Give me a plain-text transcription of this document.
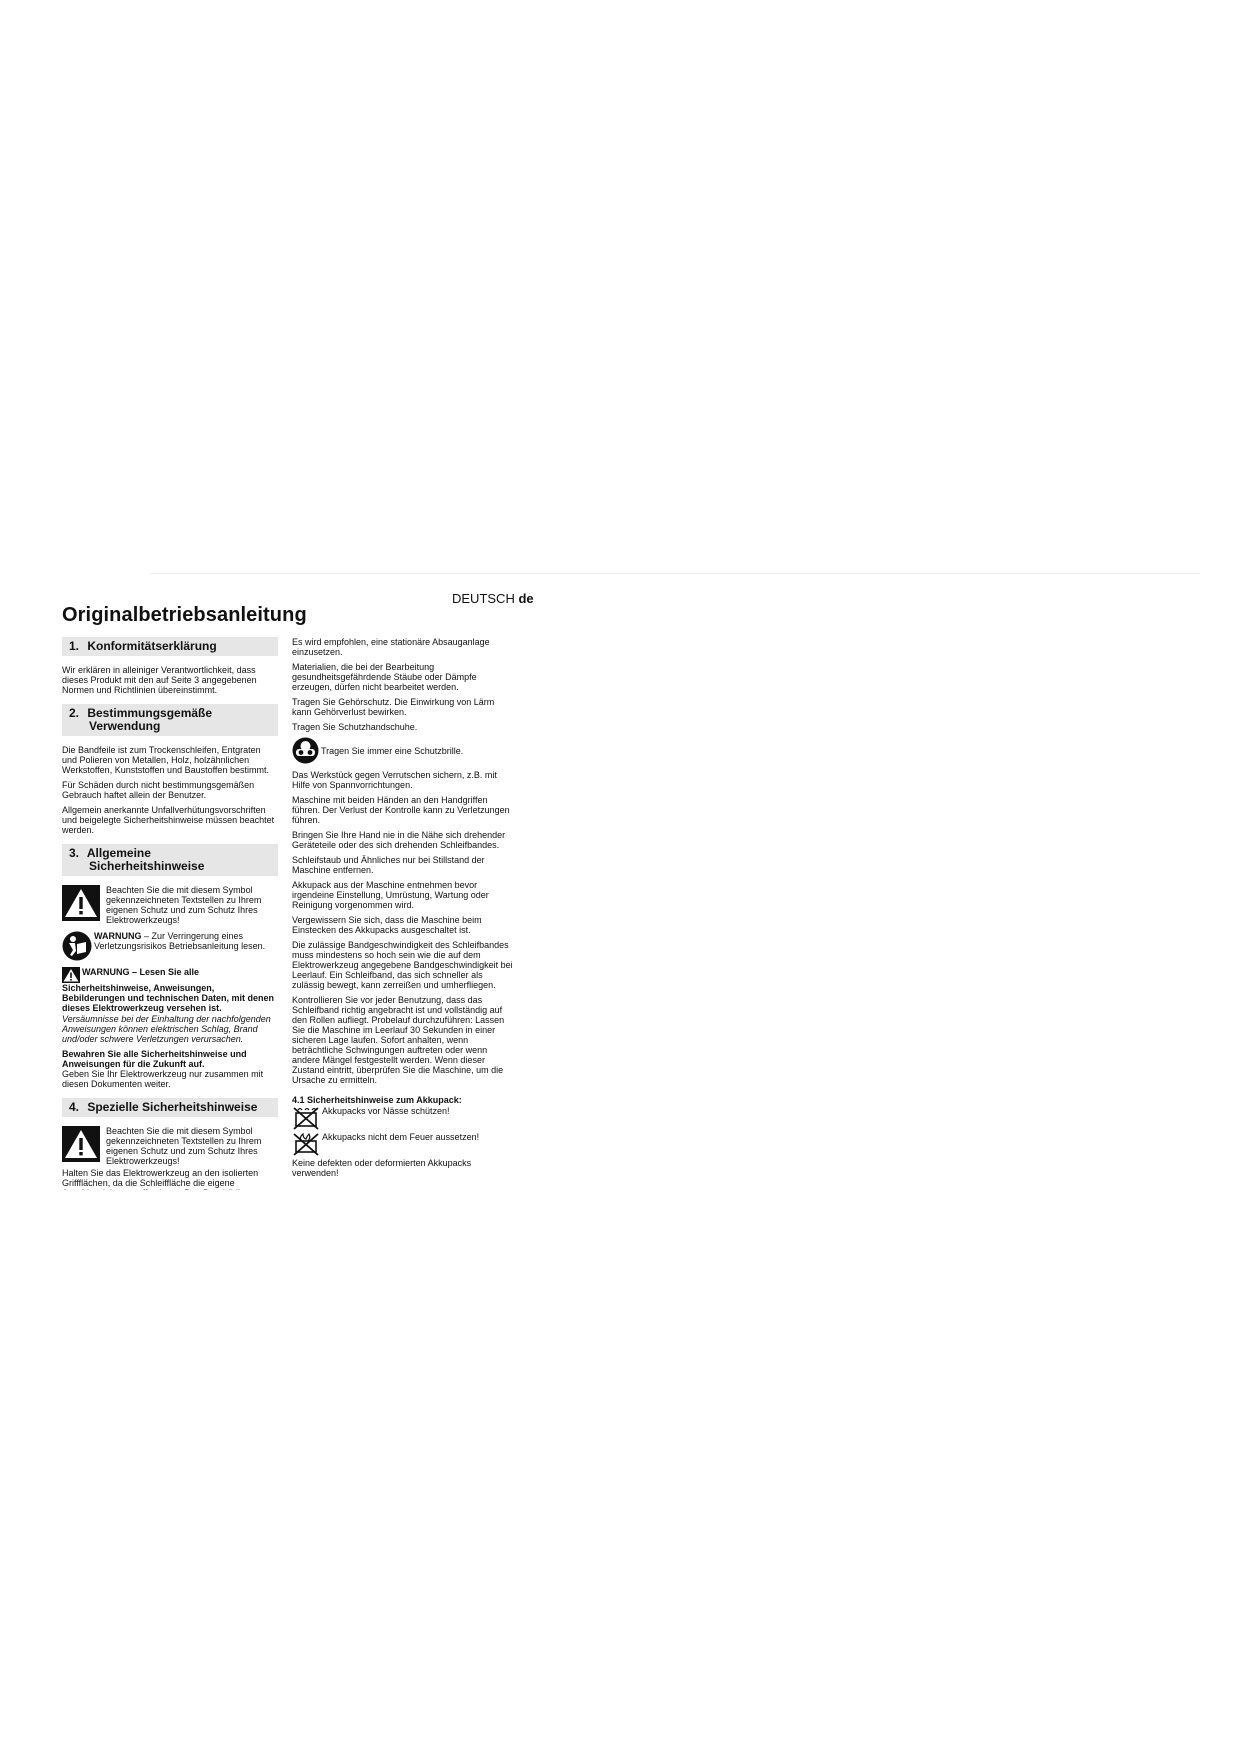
DEUTSCH de
Originalbetriebsanleitung
1. Konformitätserklärung

Wir erklären in alleiniger Verantwortlichkeit, dass dieses Produkt mit den auf Seite 3 angegebenen Normen und Richtlinien übereinstimmt.

2. Bestimmungsgemäße
Verwendung

Die Bandfeile ist zum Trockenschleifen, Entgraten und Polieren von Metallen, Holz, holzähnlichen Werkstoffen, Kunststoffen und Baustoffen bestimmt.

Für Schäden durch nicht bestimmungsgemäßen Gebrauch haftet allein der Benutzer.

Allgemein anerkannte Unfallverhütungsvorschriften und beigelegte Sicherheitshinweise müssen beachtet werden.

3. Allgemeine
Sicherheitshinweise
Beachten Sie die mit diesem Symbol gekennzeichneten Textstellen zu Ihrem eigenen Schutz und zum Schutz Ihres Elektrowerkzeugs!
WARNUNG – Zur Verringerung eines Verletzungsrisikos Betriebsanleitung lesen.

WARNUNG – Lesen Sie alle Sicherheitshinweise, Anweisungen, Bebilderungen und technischen Daten, mit denen dieses Elektrowerkzeug versehen ist.

Versäumnisse bei der Einhaltung der nachfolgenden Anweisungen können elektrischen Schlag, Brand und/oder schwere Verletzungen verursachen.

Bewahren Sie alle Sicherheitshinweise und Anweisungen für die Zukunft auf.

Geben Sie Ihr Elektrowerkzeug nur zusammen mit diesen Dokumenten weiter.

4. Spezielle Sicherheitshinweise
Beachten Sie die mit diesem Symbol gekennzeichneten Textstellen zu Ihrem eigenen Schutz und zum Schutz Ihres Elektrowerkzeugs!

Halten Sie das Elektrowerkzeug an den isolierten Griffflächen, da die Schleiffläche die eigene

Es wird empfohlen, eine stationäre Absauganlage einzusetzen.

Materialien, die bei der Bearbeitung gesundheitsgefährdende Stäube oder Dämpfe erzeugen, dürfen nicht bearbeitet werden.

Tragen Sie Gehörschutz. Die Einwirkung von Lärm kann Gehörverlust bewirken.

Tragen Sie Schutzhandschuhe.

Tragen Sie immer eine Schutzbrille.

Das Werkstück gegen Verrutschen sichern, z.B. mit Hilfe von Spannvorrichtungen.

Maschine mit beiden Händen an den Handgriffen führen. Der Verlust der Kontrolle kann zu Verletzungen führen.

Bringen Sie Ihre Hand nie in die Nähe sich drehender Geräteteile oder des sich drehenden Schleifbandes.

Schleifstaub und Ähnliches nur bei Stillstand der Maschine entfernen.

Akkupack aus der Maschine entnehmen bevor irgendeine Einstellung, Umrüstung, Wartung oder Reinigung vorgenommen wird.

Vergewissern Sie sich, dass die Maschine beim Einstecken des Akkupacks ausgeschaltet ist.

Die zulässige Bandgeschwindigkeit des Schleifbandes muss mindestens so hoch sein wie die auf dem Elektrowerkzeug angegebene Bandgeschwindigkeit bei Leerlauf. Ein Schleifband, das sich schneller als zulässig bewegt, kann zerreißen und umherfliegen.

Kontrollieren Sie vor jeder Benutzung, dass das Schleifband richtig angebracht ist und vollständig auf den Rollen aufliegt. Probelauf durchzuführen: Lassen Sie die Maschine im Leerlauf 30 Sekunden in einer sicheren Lage laufen. Sofort anhalten, wenn beträchtliche Schwingungen auftreten oder wenn andere Mängel festgestellt werden. Wenn dieser Zustand eintritt, überprüfen Sie die Maschine, um die Ursache zu ermitteln.

4.1 Sicherheitshinweise zum Akkupack:
Akkupacks vor Nässe schützen!
Akkupacks nicht dem Feuer aussetzen!

Keine defekten oder deformierten Akkupacks verwenden!
